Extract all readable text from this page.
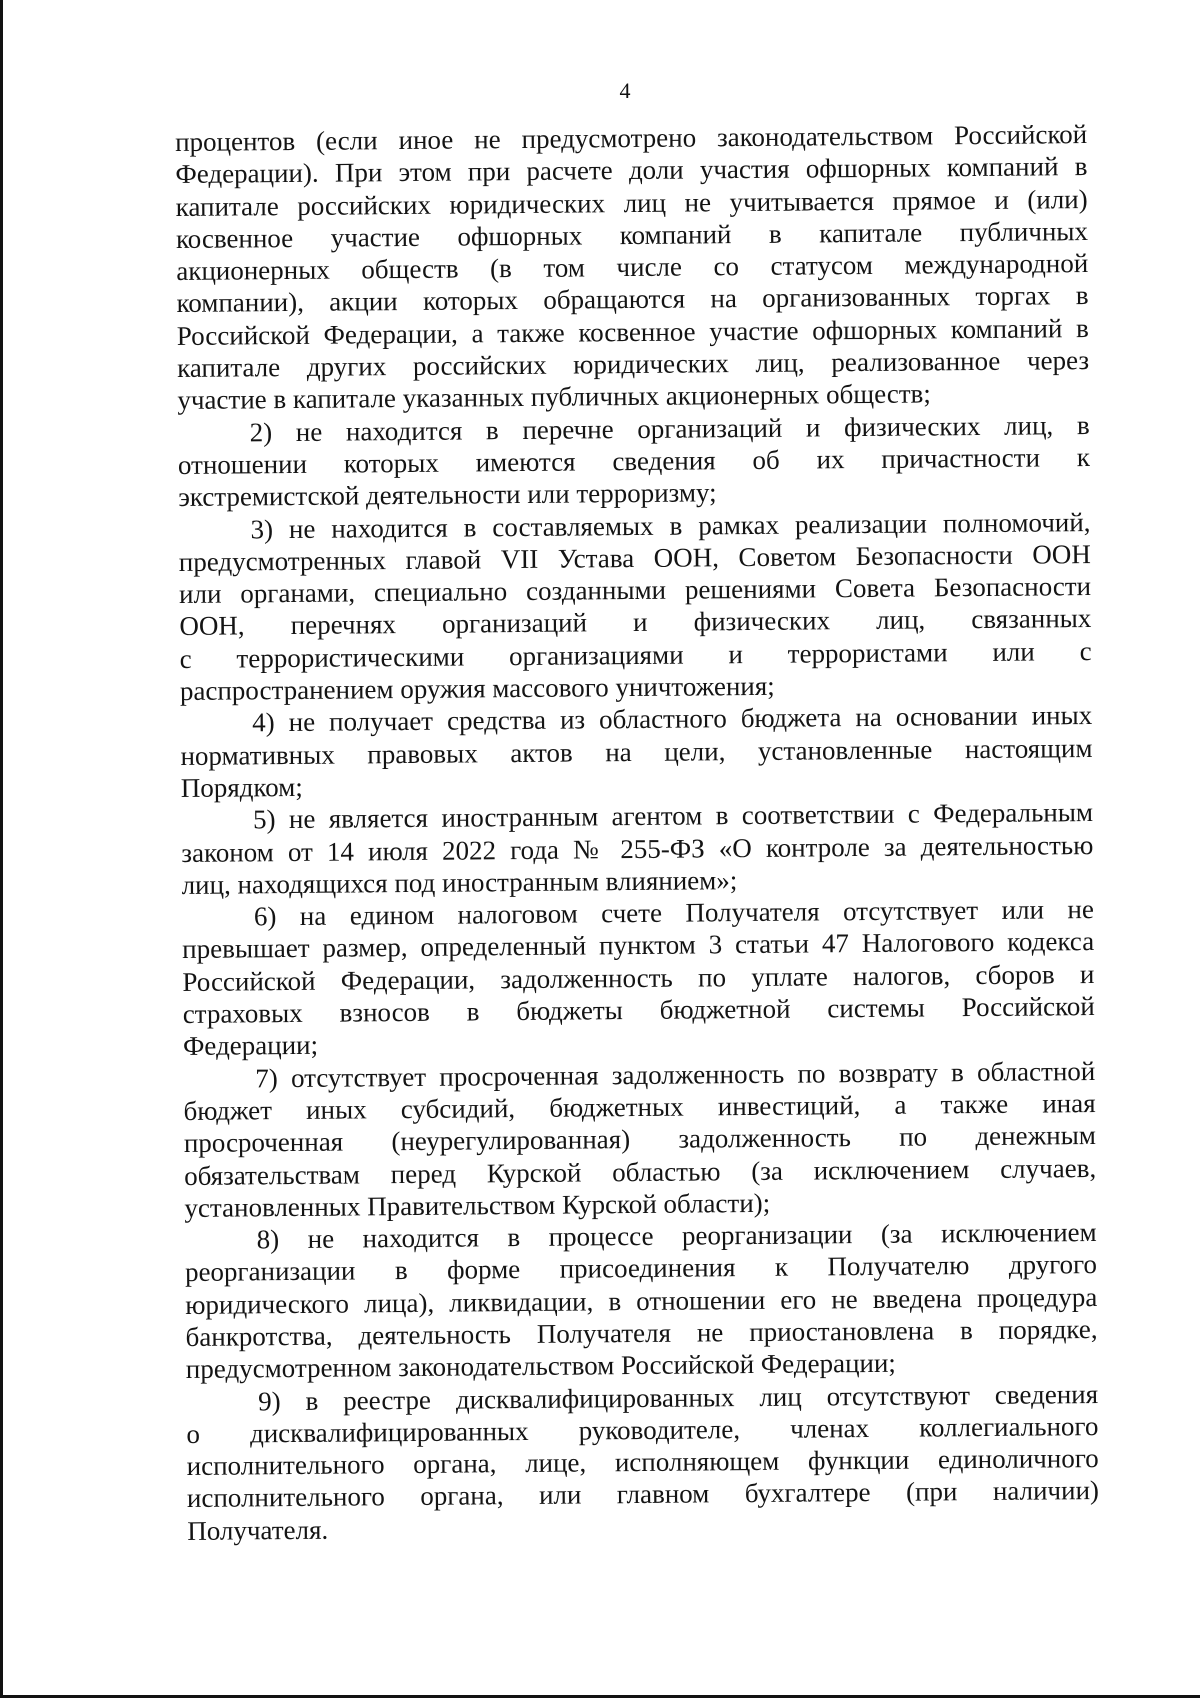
4

процентов (если иное не предусмотрено законодательством Российской
Федерации). При этом при расчете доли участия офшорных компаний в
капитале российских юридических лиц не учитывается прямое и (или)
косвенное участие офшорных компаний в капитале публичных
акционерных обществ (в том числе со статусом международной
компании), акции которых обращаются на организованных торгах в
Российской Федерации, а также косвенное участие офшорных компаний в
капитале других российских юридических лиц, реализованное через
участие в капитале указанных публичных акционерных обществ;

2) не находится в перечне организаций и физических лиц, в
отношении которых имеются сведения об их причастности к
экстремистской деятельности или терроризму;

3) не находится в составляемых в рамках реализации полномочий,
предусмотренных главой VII Устава ООН, Советом Безопасности ООН
или органами, специально созданными решениями Совета Безопасности
ООН, перечнях организаций и физических лиц, связанных
с террористическими организациями и террористами или с
распространением оружия массового уничтожения;

4) не получает средства из областного бюджета на основании иных
нормативных правовых актов на цели, установленные настоящим
Порядком;

5) не является иностранным агентом в соответствии с Федеральным
законом от 14 июля 2022 года № 255-ФЗ «О контроле за деятельностью
лиц, находящихся под иностранным влиянием»;

6) на едином налоговом счете Получателя отсутствует или не
превышает размер, определенный пунктом 3 статьи 47 Налогового кодекса
Российской Федерации, задолженность по уплате налогов, сборов и
страховых взносов в бюджеты бюджетной системы Российской
Федерации;

7) отсутствует просроченная задолженность по возврату в областной
бюджет иных субсидий, бюджетных инвестиций, а также иная
просроченная (неурегулированная) задолженность по денежным
обязательствам перед Курской областью (за исключением случаев,
установленных Правительством Курской области);

8) не находится в процессе реорганизации (за исключением
реорганизации в форме присоединения к Получателю другого
юридического лица), ликвидации, в отношении его не введена процедура
банкротства, деятельность Получателя не приостановлена в порядке,
предусмотренном законодательством Российской Федерации;

9) в реестре дисквалифицированных лиц отсутствуют сведения
о дисквалифицированных руководителе, членах коллегиального
исполнительного органа, лице, исполняющем функции единоличного
исполнительного органа, или главном бухгалтере (при наличии)
Получателя.
